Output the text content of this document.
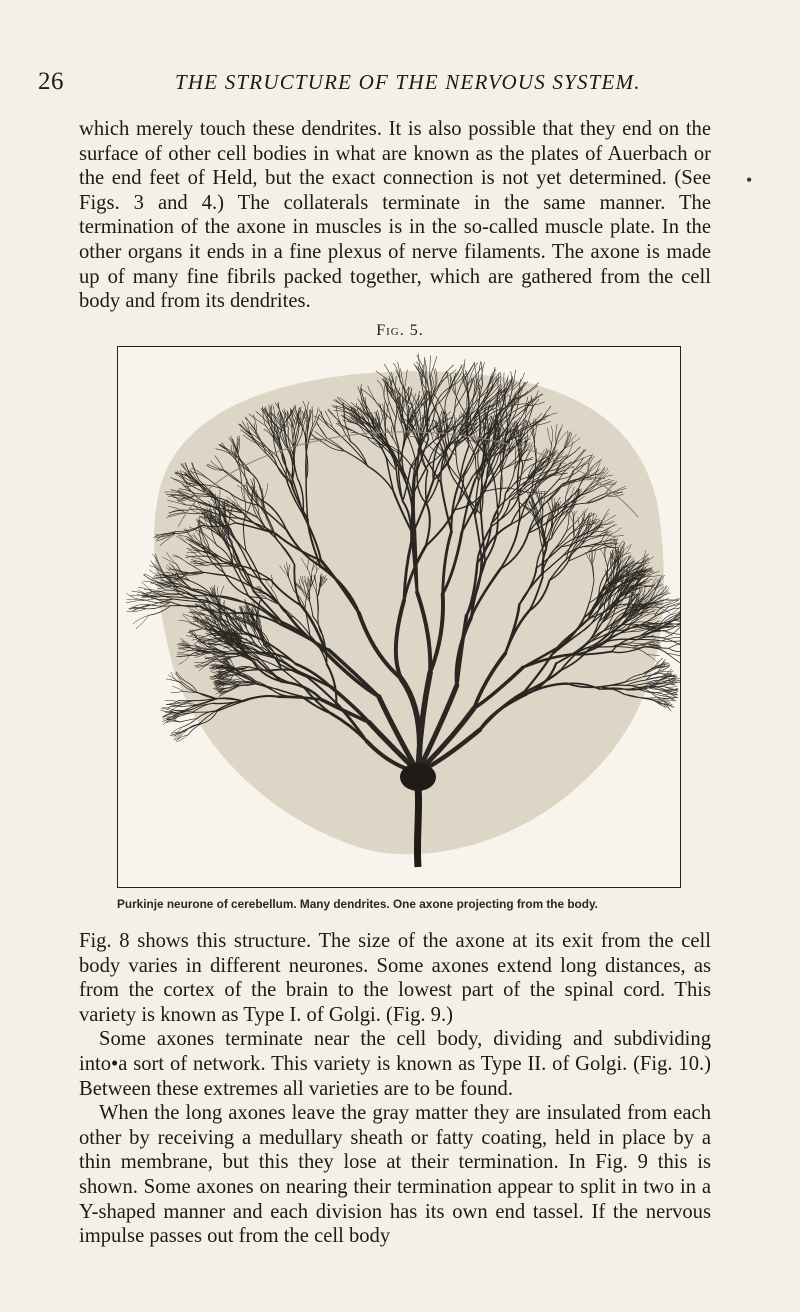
26	THE STRUCTURE OF THE NERVOUS SYSTEM.

which merely touch these dendrites. It is also possible that they end on the surface of other cell bodies in what are known as the plates of Auerbach or the end feet of Held, but the exact connection is not yet determined. (See Figs. 3 and 4.) The collaterals terminate in the same manner. The termination of the axone in muscles is in the so-called muscle plate. In the other organs it ends in a fine plexus of nerve filaments. The axone is made up of many fine fibrils packed together, which are gathered from the cell body and from its dendrites.

•
Fig. 5.
Purkinje neurone of cerebellum. Many dendrites. One axone projecting from the body.
Fig. 8 shows this structure. The size of the axone at its exit from the cell body varies in different neurones. Some axones extend long distances, as from the cortex of the brain to the lowest part of the spinal cord. This variety is known as Type I. of Golgi. (Fig. 9.)
Some axones terminate near the cell body, dividing and subdividing into•a sort of network. This variety is known as Type II. of Golgi. (Fig. 10.) Between these extremes all varieties are to be found.
When the long axones leave the gray matter they are insulated from each other by receiving a medullary sheath or fatty coating, held in place by a thin membrane, but this they lose at their termination. In Fig. 9 this is shown. Some axones on nearing their termination appear to split in two in a Y-shaped manner and each division has its own end tassel. If the nervous impulse passes out from the cell body
